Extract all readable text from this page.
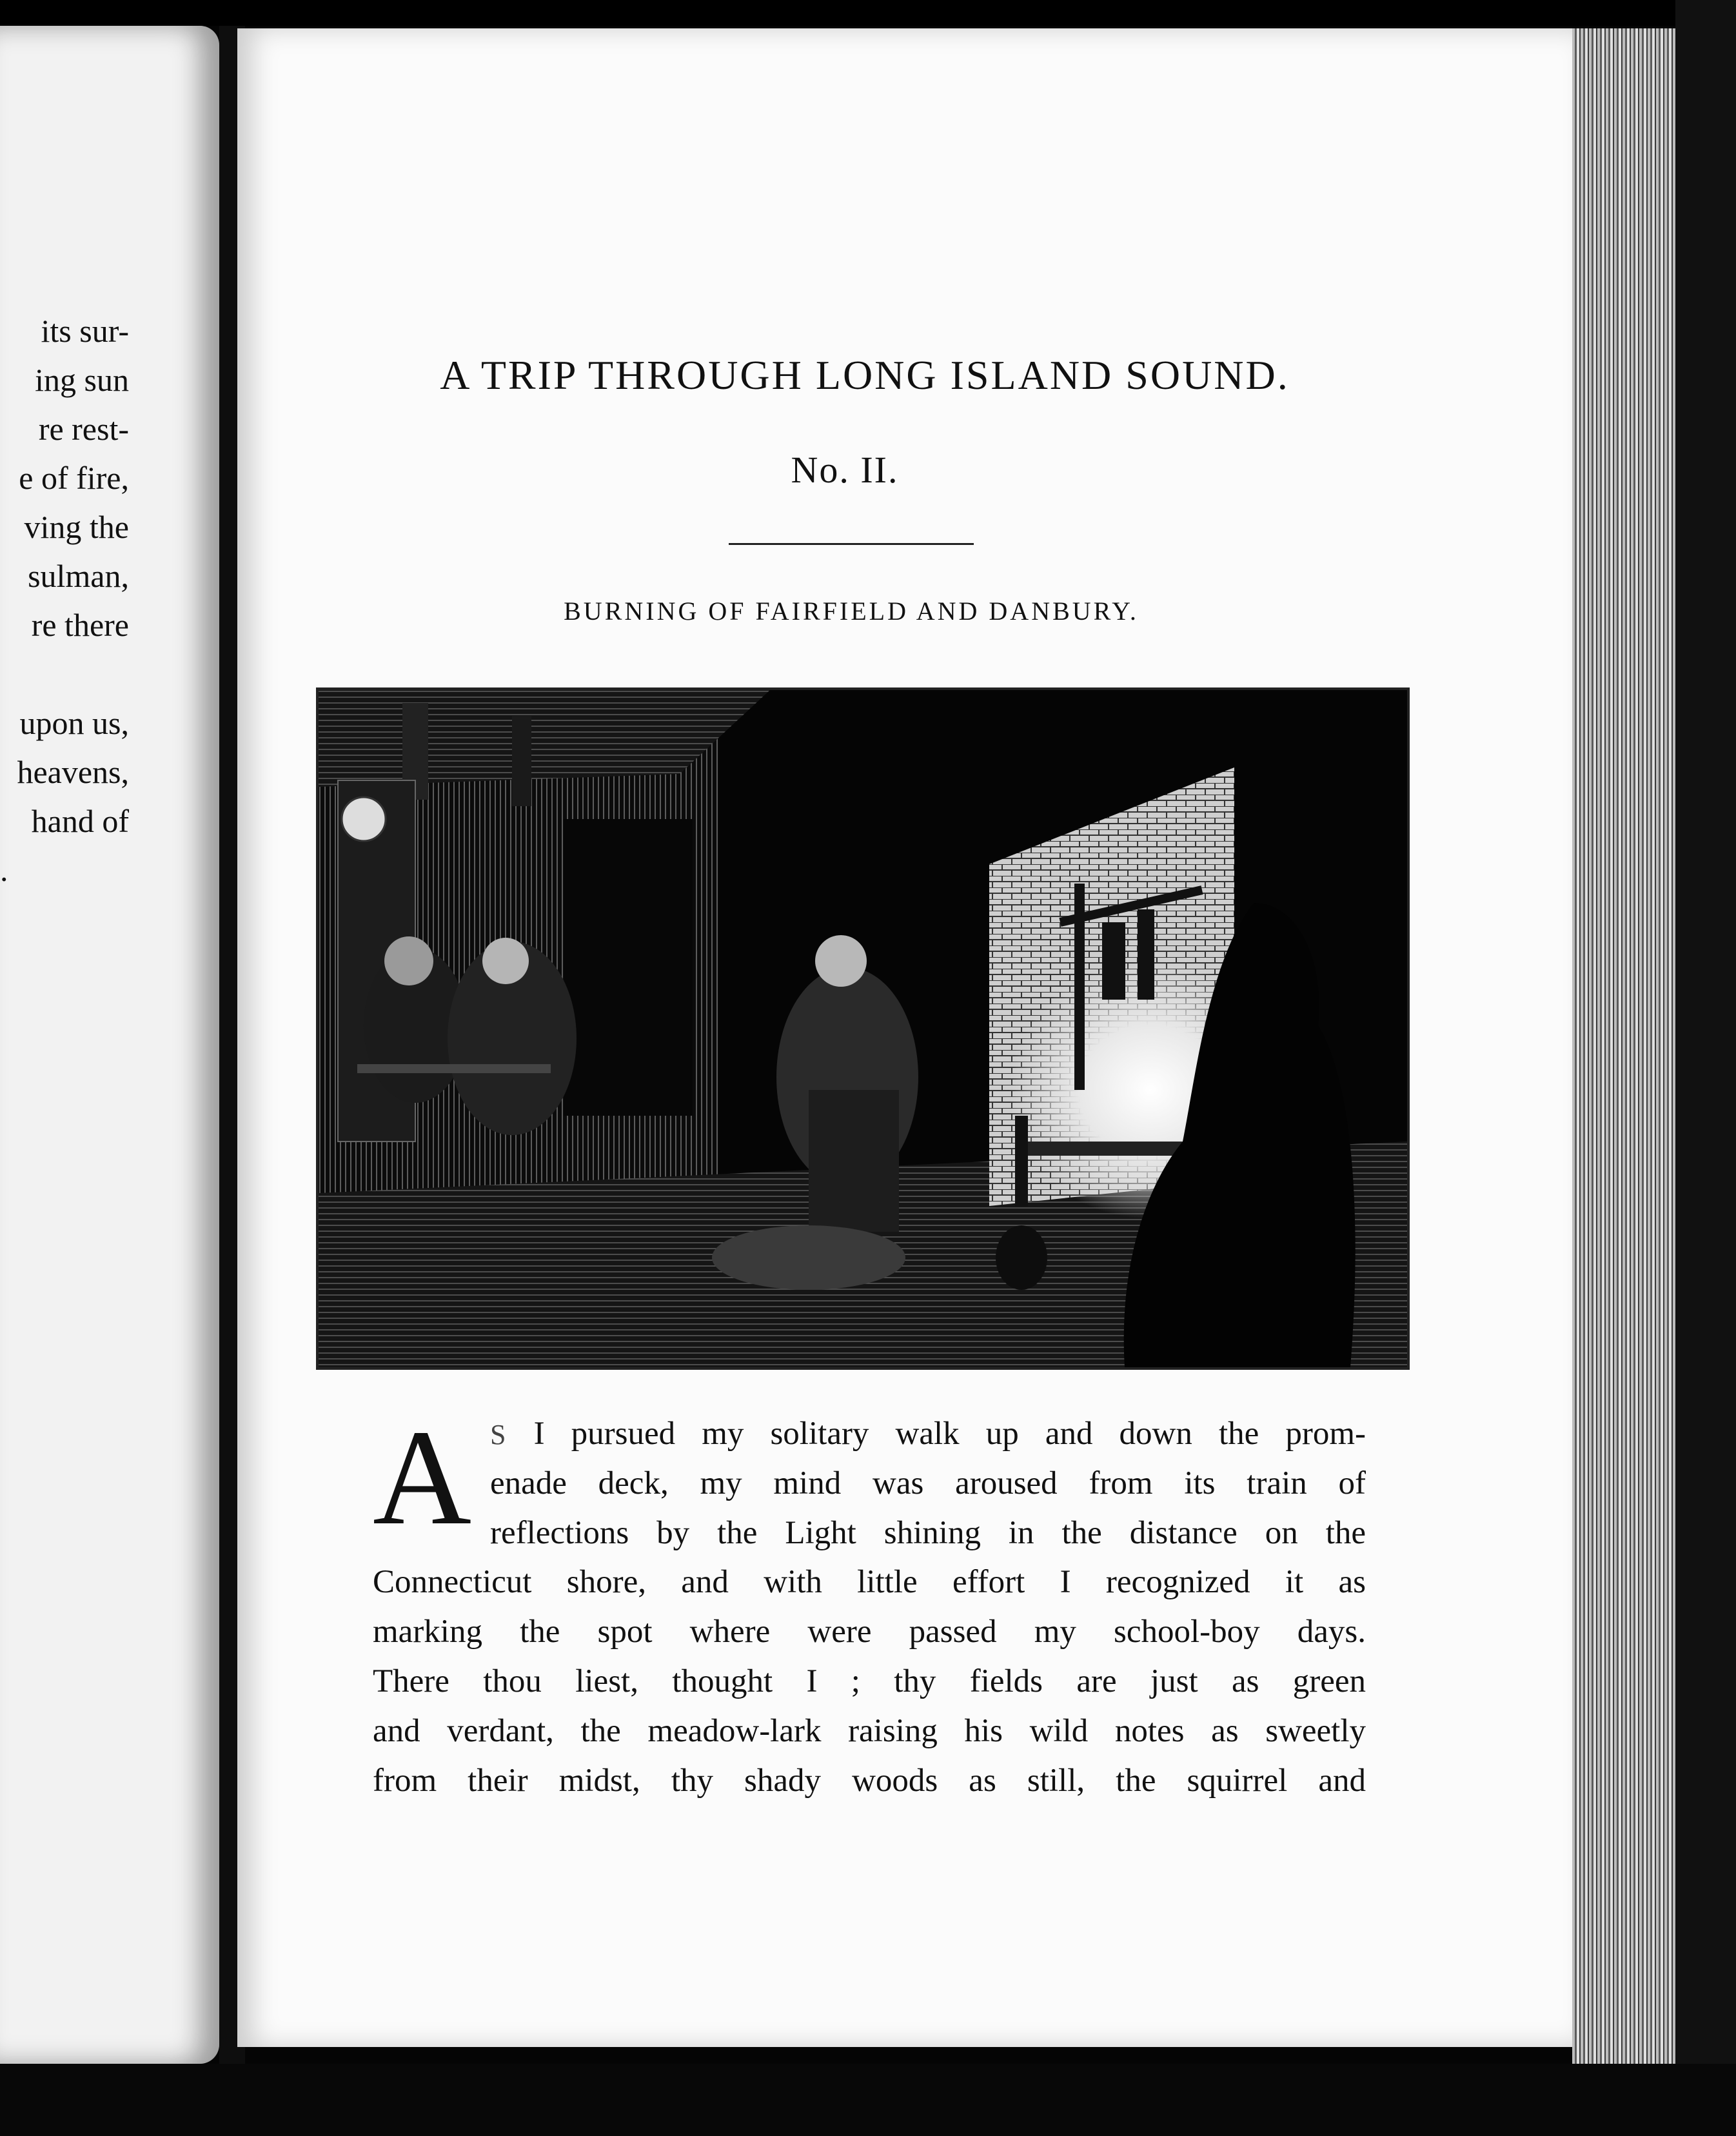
its sur-
ing sun
re rest-
e of fire,
ving the
sulman,
re there
upon us,
heavens,
hand of
.
A TRIP THROUGH LONG ISLAND SOUND.
No. II.
BURNING OF FAIRFIELD AND DANBURY.
A S I pursued my solitary walk up and down the prom-
enade deck, my mind was aroused from its train of
reflections by the Light shining in the distance on the
Connecticut shore, and with little effort I recognized it as
marking the spot where were passed my school-boy days.
There thou liest, thought I ; thy fields are just as green
and verdant, the meadow-lark raising his wild notes as sweetly
from their midst, thy shady woods as still, the squirrel and
